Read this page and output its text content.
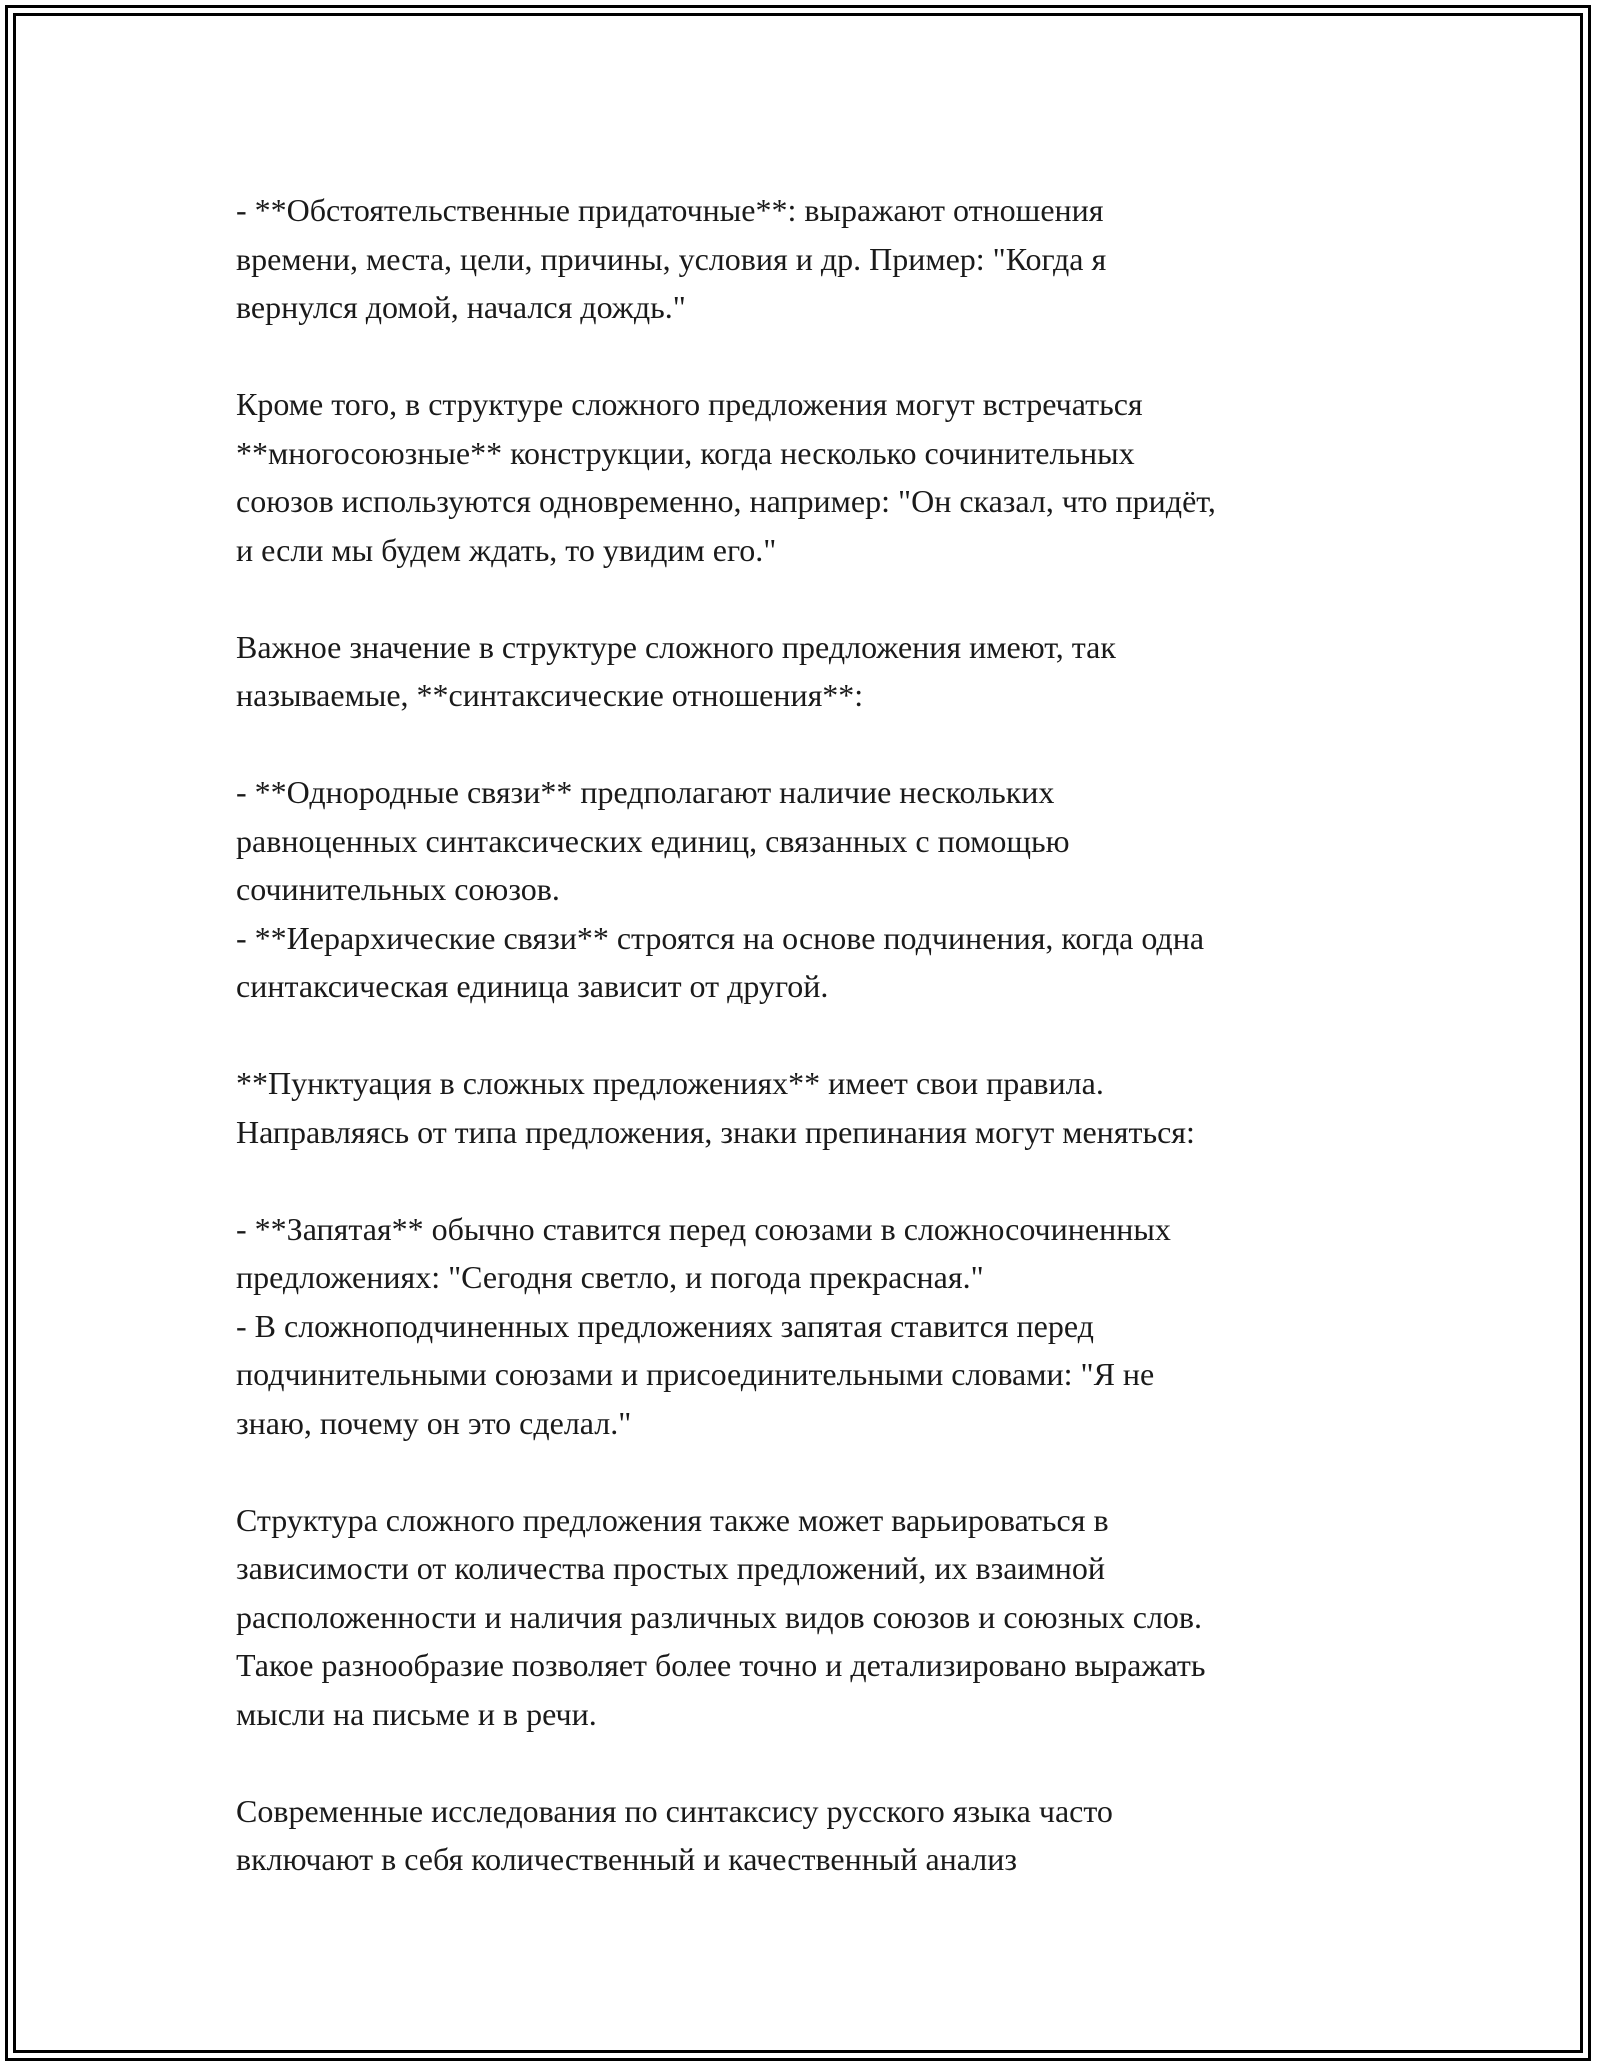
- **Обстоятельственные придаточные**: выражают отношения
времени, места, цели, причины, условия и др. Пример: "Когда я
вернулся домой, начался дождь."
Кроме того, в структуре сложного предложения могут встречаться
**многосоюзные** конструкции, когда несколько сочинительных
союзов используются одновременно, например: "Он сказал, что придёт,
и если мы будем ждать, то увидим его."
Важное значение в структуре сложного предложения имеют, так
называемые, **синтаксические отношения**:
- **Однородные связи** предполагают наличие нескольких
равноценных синтаксических единиц, связанных с помощью
сочинительных союзов.
- **Иерархические связи** строятся на основе подчинения, когда одна
синтаксическая единица зависит от другой.
**Пунктуация в сложных предложениях** имеет свои правила.
Направляясь от типа предложения, знаки препинания могут меняться:
- **Запятая** обычно ставится перед союзами в сложносочиненных
предложениях: "Сегодня светло, и погода прекрасная."
- В сложноподчиненных предложениях запятая ставится перед
подчинительными союзами и присоединительными словами: "Я не
знаю, почему он это сделал."
Структура сложного предложения также может варьироваться в
зависимости от количества простых предложений, их взаимной
расположенности и наличия различных видов союзов и союзных слов.
Такое разнообразие позволяет более точно и детализировано выражать
мысли на письме и в речи.
Современные исследования по синтаксису русского языка часто
включают в себя количественный и качественный анализ
